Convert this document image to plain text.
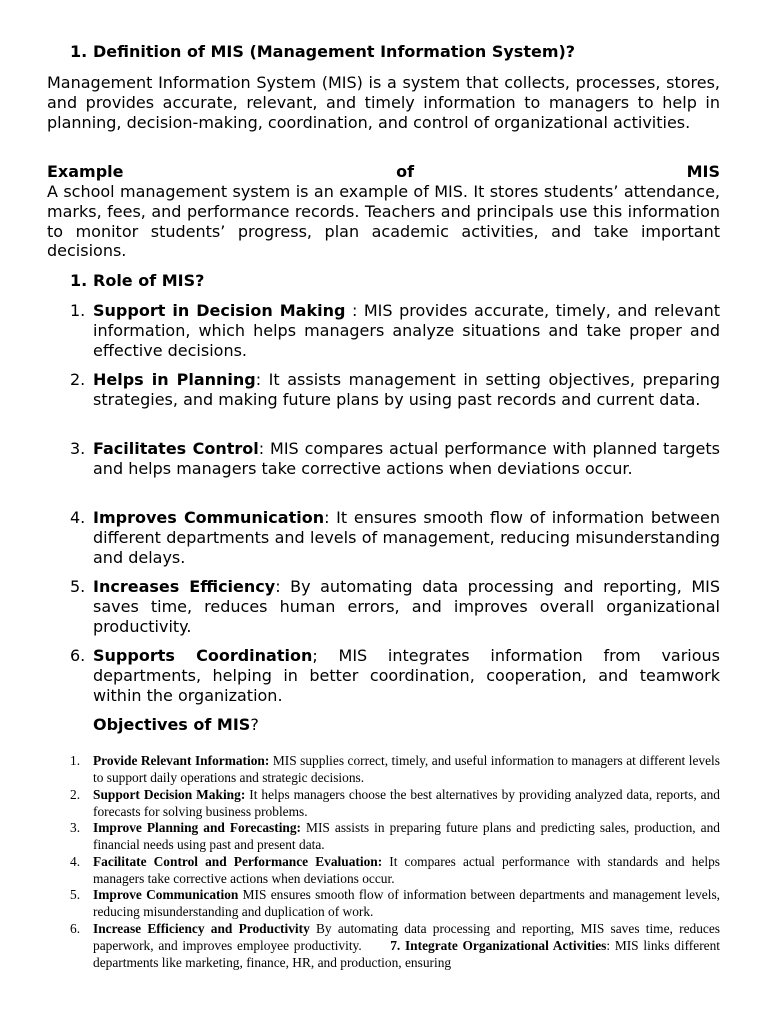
1. Definition of MIS (Management Information System)?

Management Information System (MIS) is a system that collects, processes, stores, and provides accurate, relevant, and timely information to managers to help in planning, decision-making, coordination, and control of organizational activities.

Example	of	MIS

A school management system is an example of MIS. It stores students’ attendance, marks, fees, and performance records. Teachers and principals use this information to monitor students’ progress, plan academic activities, and take important decisions.

1. Role of MIS?
1. Support in Decision Making : MIS provides accurate, timely, and relevant information, which helps managers analyze situations and take proper and effective decisions.
2. Helps in Planning: It assists management in setting objectives, preparing strategies, and making future plans by using past records and current data.
3. Facilitates Control: MIS compares actual performance with planned targets and helps managers take corrective actions when deviations occur.
4. Improves Communication: It ensures smooth flow of information between different departments and levels of management, reducing misunderstanding and delays.
5. Increases Efficiency: By automating data processing and reporting, MIS saves time, reduces human errors, and improves overall organizational productivity.
6. Supports Coordination; MIS integrates information from various departments, helping in better coordination, cooperation, and teamwork within the organization.
Objectives of MIS?
1. Provide Relevant Information: MIS supplies correct, timely, and useful information to managers at different levels to support daily operations and strategic decisions.
2. Support Decision Making: It helps managers choose the best alternatives by providing analyzed data, reports, and forecasts for solving business problems.
3. Improve Planning and Forecasting: MIS assists in preparing future plans and predicting sales, production, and financial needs using past and present data.
4. Facilitate Control and Performance Evaluation: It compares actual performance with standards and helps managers take corrective actions when deviations occur.
5. Improve Communication MIS ensures smooth flow of information between departments and management levels, reducing misunderstanding and duplication of work.
6. Increase Efficiency and Productivity By automating data processing and reporting, MIS saves time, reduces paperwork, and improves employee productivity. 7. Integrate Organizational Activities: MIS links different departments like marketing, finance, HR, and production, ensuring
